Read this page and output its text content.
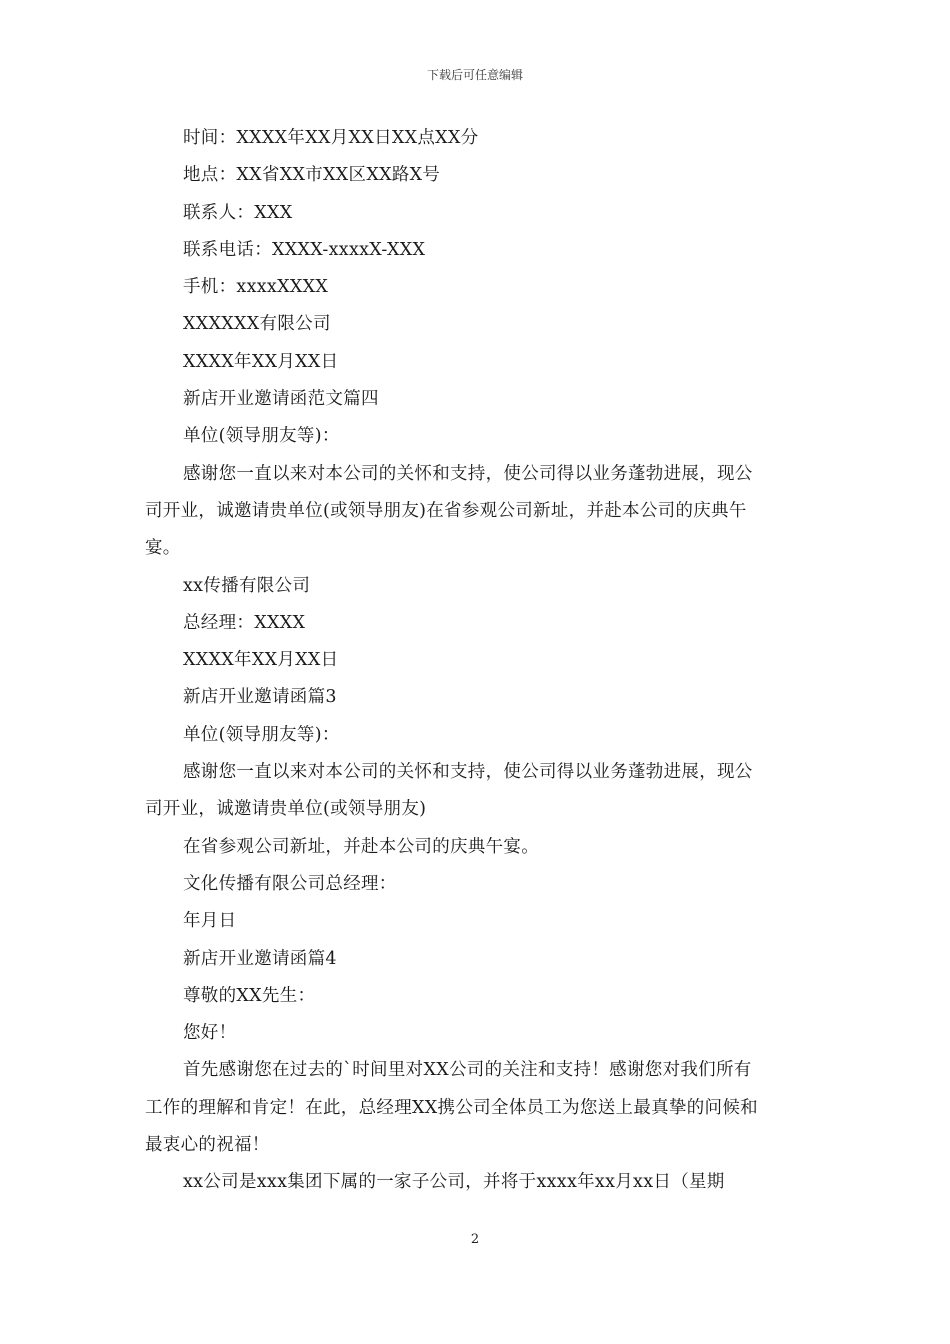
下载后可任意编辑
时间：XXXX年XX月XX日XX点XX分
地点：XX省XX市XX区XX路X号
联系人：XXX
联系电话：XXXX-xxxxX-XXX
手机：xxxxXXXX
XXXXXX有限公司
XXXX年XX月XX日
新店开业邀请函范文篇四
单位(领导朋友等)：
感谢您一直以来对本公司的关怀和支持，使公司得以业务蓬勃进展，现公
司开业，诚邀请贵单位(或领导朋友)在省参观公司新址，并赴本公司的庆典午
宴。
xx传播有限公司
总经理：XXXX
XXXX年XX月XX日
新店开业邀请函篇3
单位(领导朋友等)：
感谢您一直以来对本公司的关怀和支持，使公司得以业务蓬勃进展，现公
司开业，诚邀请贵单位(或领导朋友)
在省参观公司新址，并赴本公司的庆典午宴。
文化传播有限公司总经理：
年月日
新店开业邀请函篇4
尊敬的XX先生：
您好！
首先感谢您在过去的`时间里对XX公司的关注和支持！感谢您对我们所有
工作的理解和肯定！在此，总经理XX携公司全体员工为您送上最真挚的问候和
最衷心的祝福！
xx公司是xxx集团下属的一家子公司，并将于xxxx年xx月xx日（星期
2
